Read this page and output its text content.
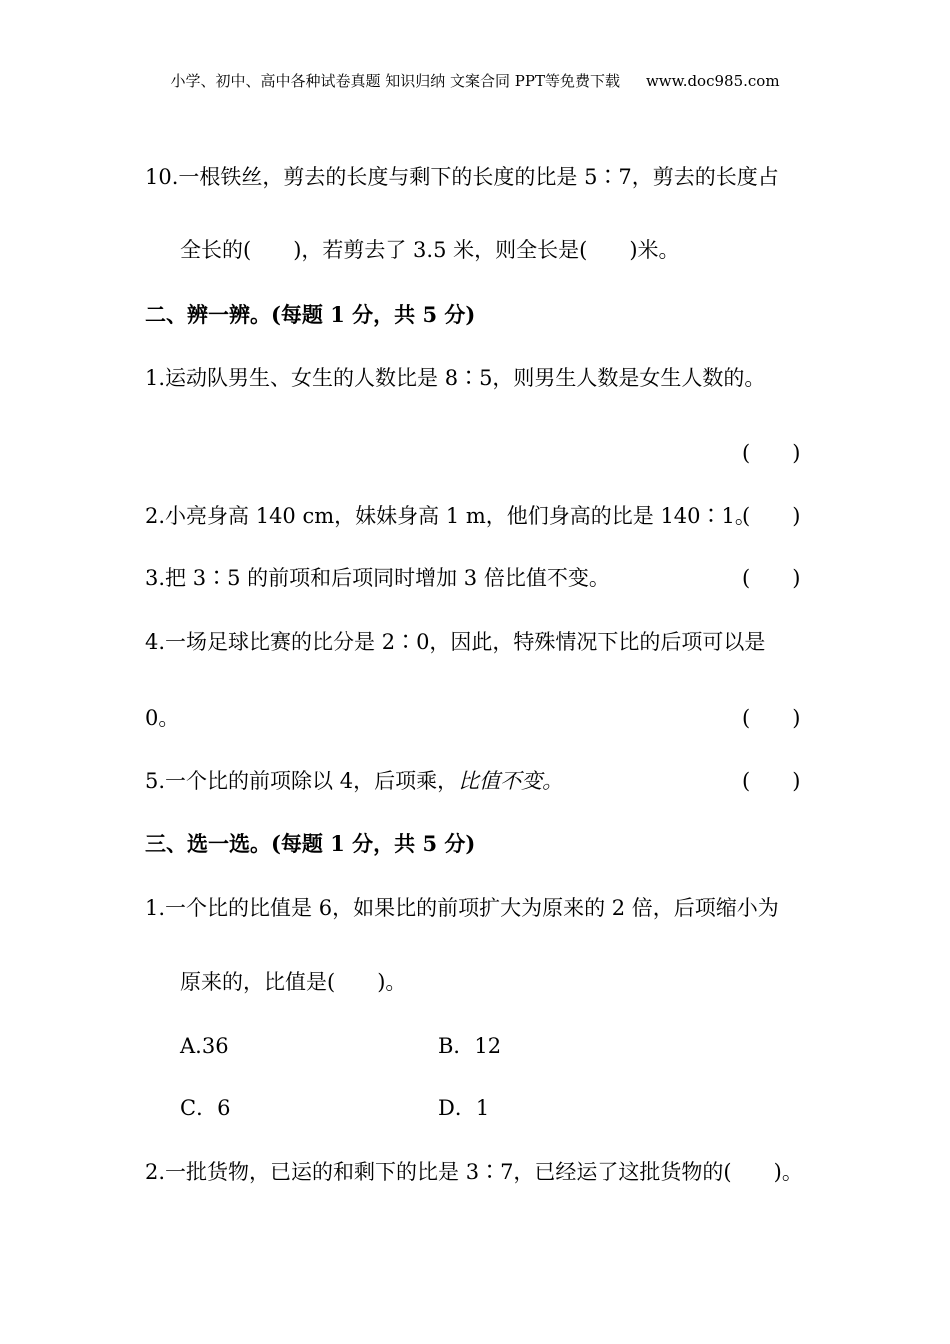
小学、初中、高中各种试卷真题 知识归纳 文案合同 PPT等免费下载 www.doc985.com
10.一根铁丝，剪去的长度与剩下的长度的比是 5∶7，剪去的长度占
全长的(　　)，若剪去了 3.5 米，则全长是(　　)米。
二、辨一辨。(每题 1 分，共 5 分)
1.运动队男生、女生的人数比是 8∶5，则男生人数是女生人数的。
(　　)
2.小亮身高 140 cm，妹妹身高 1 m，他们身高的比是 140∶1。
(　　)
3.把 3∶5 的前项和后项同时增加 3 倍比值不变。	(　　)
4.一场足球比赛的比分是 2∶0，因此，特殊情况下比的后项可以是
0。	(　　)
5.一个比的前项除以 4，后项乘，比值不变。	(　　)
三、选一选。(每题 1 分，共 5 分)
1.一个比的比值是 6，如果比的前项扩大为原来的 2 倍，后项缩小为
原来的，比值是(　　)。
A.36	B．12
C．6	D．1
2.一批货物，已运的和剩下的比是 3∶7，已经运了这批货物的(　　)。
